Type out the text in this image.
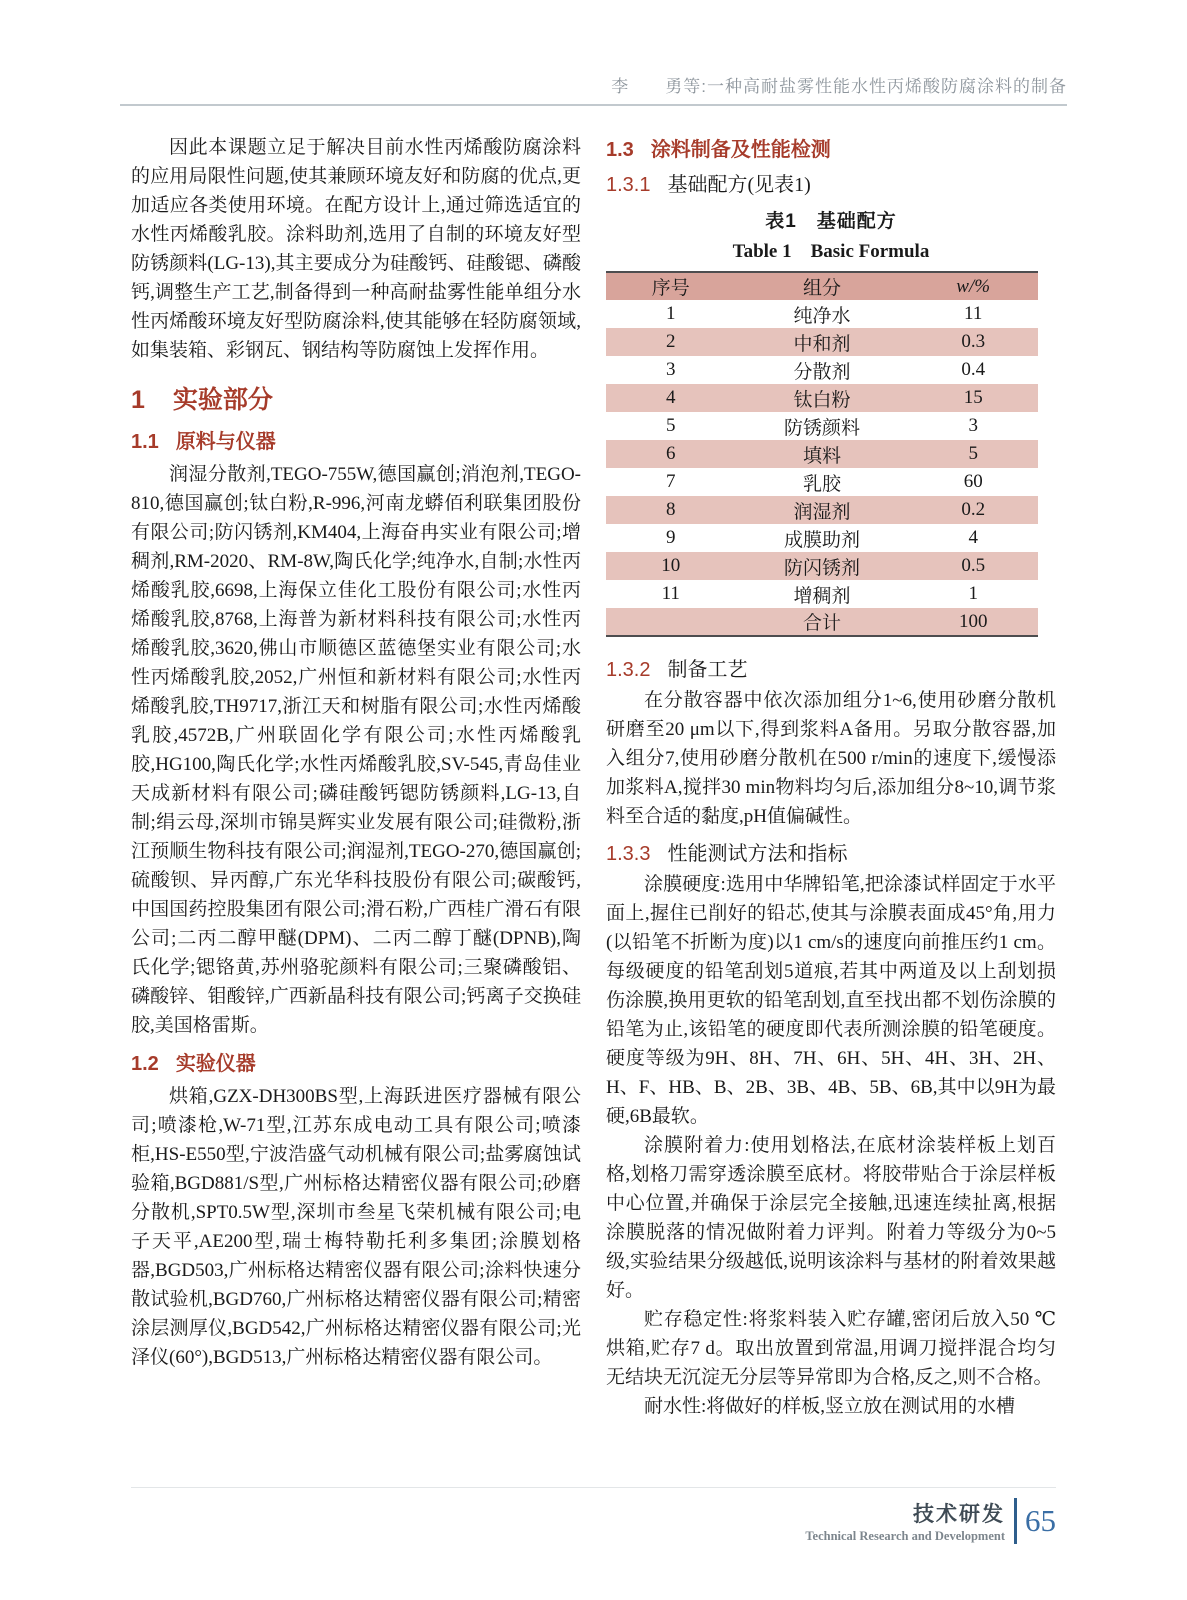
李　　勇等:一种高耐盐雾性能水性丙烯酸防腐涂料的制备

因此本课题立足于解决目前水性丙烯酸防腐涂料的应用局限性问题,使其兼顾环境友好和防腐的优点,更加适应各类使用环境。在配方设计上,通过筛选适宜的水性丙烯酸乳胶。涂料助剂,选用了自制的环境友好型防锈颜料(LG-13),其主要成分为硅酸钙、硅酸锶、磷酸钙,调整生产工艺,制备得到一种高耐盐雾性能单组分水性丙烯酸环境友好型防腐涂料,使其能够在轻防腐领域,如集装箱、彩钢瓦、钢结构等防腐蚀上发挥作用。

1 实验部分
1.1 原料与仪器

润湿分散剂,TEGO-755W,德国赢创;消泡剂,TEGO-810,德国赢创;钛白粉,R-996,河南龙蟒佰利联集团股份有限公司;防闪锈剂,KM404,上海奋冉实业有限公司;增稠剂,RM-2020、RM-8W,陶氏化学;纯净水,自制;水性丙烯酸乳胶,6698,上海保立佳化工股份有限公司;水性丙烯酸乳胶,8768,上海普为新材料科技有限公司;水性丙烯酸乳胶,3620,佛山市顺德区蓝德堡实业有限公司;水性丙烯酸乳胶,2052,广州恒和新材料有限公司;水性丙烯酸乳胶,TH9717,浙江天和树脂有限公司;水性丙烯酸乳胶,4572B,广州联固化学有限公司;水性丙烯酸乳胶,HG100,陶氏化学;水性丙烯酸乳胶,SV-545,青岛佳业天成新材料有限公司;磷硅酸钙锶防锈颜料,LG-13,自制;绢云母,深圳市锦昊辉实业发展有限公司;硅微粉,浙江预顺生物科技有限公司;润湿剂,TEGO-270,德国赢创;硫酸钡、异丙醇,广东光华科技股份有限公司;碳酸钙,中国国药控股集团有限公司;滑石粉,广西桂广滑石有限公司;二丙二醇甲醚(DPM)、二丙二醇丁醚(DPNB),陶氏化学;锶铬黄,苏州骆驼颜料有限公司;三聚磷酸铝、磷酸锌、钼酸锌,广西新晶科技有限公司;钙离子交换硅胶,美国格雷斯。

1.2 实验仪器

烘箱,GZX-DH300BS型,上海跃进医疗器械有限公司;喷漆枪,W-71型,江苏东成电动工具有限公司;喷漆柜,HS-E550型,宁波浩盛气动机械有限公司;盐雾腐蚀试验箱,BGD881/S型,广州标格达精密仪器有限公司;砂磨分散机,SPT0.5W型,深圳市叁星飞荣机械有限公司;电子天平,AE200型,瑞士梅特勒托利多集团;涂膜划格器,BGD503,广州标格达精密仪器有限公司;涂料快速分散试验机,BGD760,广州标格达精密仪器有限公司;精密涂层测厚仪,BGD542,广州标格达精密仪器有限公司;光泽仪(60°),BGD513,广州标格达精密仪器有限公司。

1.3 涂料制备及性能检测
1.3.1 基础配方(见表1)
表1　基础配方
Table 1　Basic Formula
序号	组分	w/%
1	纯净水	11
2	中和剂	0.3
3	分散剂	0.4
4	钛白粉	15
5	防锈颜料	3
6	填料	5
7	乳胶	60
8	润湿剂	0.2
9	成膜助剂	4
10	防闪锈剂	0.5
11	增稠剂	1
	合计	100
1.3.2 制备工艺

在分散容器中依次添加组分1~6,使用砂磨分散机研磨至20 μm以下,得到浆料A备用。另取分散容器,加入组分7,使用砂磨分散机在500 r/min的速度下,缓慢添加浆料A,搅拌30 min物料均匀后,添加组分8~10,调节浆料至合适的黏度,pH值偏碱性。

1.3.3 性能测试方法和指标

涂膜硬度:选用中华牌铅笔,把涂漆试样固定于水平面上,握住已削好的铅芯,使其与涂膜表面成45°角,用力(以铅笔不折断为度)以1 cm/s的速度向前推压约1 cm。每级硬度的铅笔刮划5道痕,若其中两道及以上刮划损伤涂膜,换用更软的铅笔刮划,直至找出都不划伤涂膜的铅笔为止,该铅笔的硬度即代表所测涂膜的铅笔硬度。硬度等级为9H、8H、7H、6H、5H、4H、3H、2H、H、F、HB、B、2B、3B、4B、5B、6B,其中以9H为最硬,6B最软。

涂膜附着力:使用划格法,在底材涂装样板上划百格,划格刀需穿透涂膜至底材。将胶带贴合于涂层样板中心位置,并确保于涂层完全接触,迅速连续扯离,根据涂膜脱落的情况做附着力评判。附着力等级分为0~5级,实验结果分级越低,说明该涂料与基材的附着效果越好。

贮存稳定性:将浆料装入贮存罐,密闭后放入50 ℃烘箱,贮存7 d。取出放置到常温,用调刀搅拌混合均匀无结块无沉淀无分层等异常即为合格,反之,则不合格。

耐水性:将做好的样板,竖立放在测试用的水槽

技术研发
Technical Research and Development 65
